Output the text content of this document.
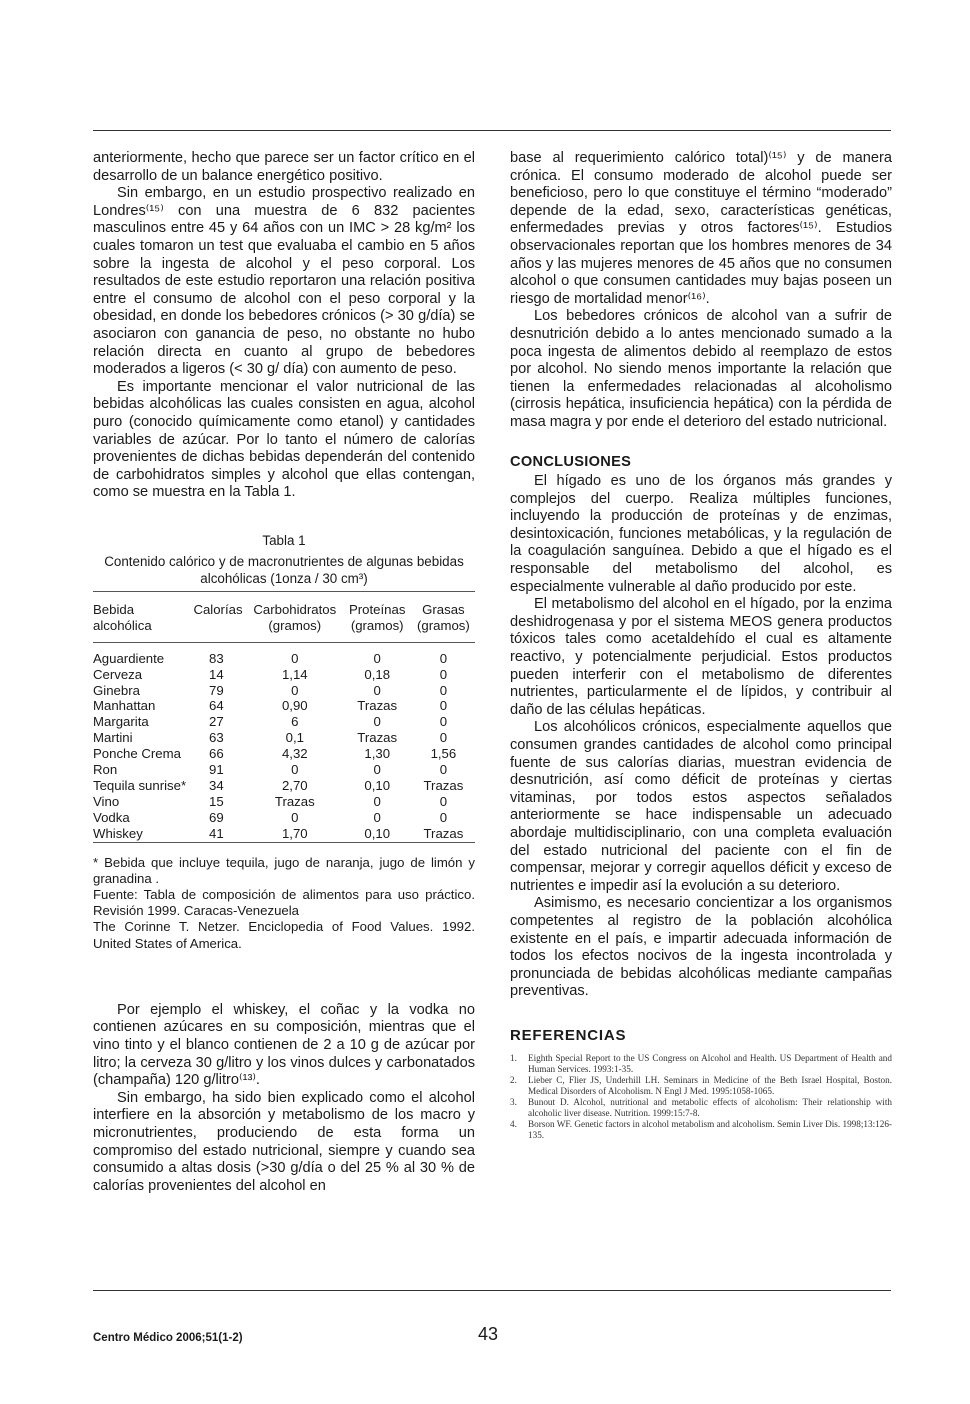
anteriormente, hecho que parece ser un factor crítico en el desarrollo de un balance energético positivo.

Sin embargo, en un estudio prospectivo realizado en Londres⁽¹⁵⁾ con una muestra de 6 832 pacientes masculinos entre 45 y 64 años con un IMC > 28 kg/m² los cuales tomaron un test que evaluaba el cambio en 5 años sobre la ingesta de alcohol y el peso corporal. Los resultados de este estudio reportaron una relación positiva entre el consumo de alcohol con el peso corporal y la obesidad, en donde los bebedores crónicos (> 30 g/día) se asociaron con ganancia de peso, no obstante no hubo relación directa en cuanto al grupo de bebedores moderados a ligeros (< 30 g/ día) con aumento de peso.

Es importante mencionar el valor nutricional de las bebidas alcohólicas las cuales consisten en agua, alcohol puro (conocido químicamente como etanol) y cantidades variables de azúcar. Por lo tanto el número de calorías provenientes de dichas bebidas dependerán del contenido de carbohidratos simples y alcohol que ellas contengan, como se muestra en la Tabla 1.

Tabla 1
Contenido calórico y de macronutrientes de algunas bebidas alcohólicas (1onza / 30 cm³)
Bebida alcohólica	Calorías	Carbohidratos (gramos)	Proteínas (gramos)	Grasas (gramos)

Aguardiente	83	0	0	0
Cerveza	14	1,14	0,18	0
Ginebra	79	0	0	0
Manhattan	64	0,90	Trazas	0
Margarita	27	6	0	0
Martini	63	0,1	Trazas	0
Ponche Crema	66	4,32	1,30	1,56
Ron	91	0	0	0
Tequila sunrise*	34	2,70	0,10	Trazas
Vino	15	Trazas	0	0
Vodka	69	0	0	0
Whiskey	41	1,70	0,10	Trazas

* Bebida que incluye tequila, jugo de naranja, jugo de limón y granadina .
Fuente: Tabla de composición de alimentos para uso práctico. Revisión 1999. Caracas-Venezuela
The Corinne T. Netzer. Enciclopedia of Food Values. 1992. United States of America.

Por ejemplo el whiskey, el coñac y la vodka no contienen azúcares en su composición, mientras que el vino tinto y el blanco contienen de 2 a 10 g de azúcar por litro; la cerveza 30 g/litro y los vinos dulces y carbonatados (champaña) 120 g/litro⁽¹³⁾.

Sin embargo, ha sido bien explicado como el alcohol interfiere en la absorción y metabolismo de los macro y micronutrientes, produciendo de esta forma un compromiso del estado nutricional, siempre y cuando sea consumido a altas dosis (>30 g/día o del 25 % al 30 % de calorías provenientes del alcohol en

base al requerimiento calórico total)⁽¹⁵⁾ y de manera crónica. El consumo moderado de alcohol puede ser beneficioso, pero lo que constituye el término “moderado” depende de la edad, sexo, características genéticas, enfermedades previas y otros factores⁽¹⁵⁾. Estudios observacionales reportan que los hombres menores de 34 años y las mujeres menores de 45 años que no consumen alcohol o que consumen cantidades muy bajas poseen un riesgo de mortalidad menor⁽¹⁶⁾.

Los bebedores crónicos de alcohol van a sufrir de desnutrición debido a lo antes mencionado sumado a la poca ingesta de alimentos debido al reemplazo de estos por alcohol. No siendo menos importante la relación que tienen la enfermedades relacionadas al alcoholismo (cirrosis hepática, insuficiencia hepática) con la pérdida de masa magra y por ende el deterioro del estado nutricional.

CONCLUSIONES

El hígado es uno de los órganos más grandes y complejos del cuerpo. Realiza múltiples funciones, incluyendo la producción de proteínas y de enzimas, desintoxicación, funciones metabólicas, y la regulación de la coagulación sanguínea. Debido a que el hígado es el responsable del metabolismo del alcohol, es especialmente vulnerable al daño producido por este.

El metabolismo del alcohol en el hígado, por la enzima deshidrogenasa y por el sistema MEOS genera productos tóxicos tales como acetaldehído el cual es altamente reactivo, y potencialmente perjudicial. Estos productos pueden interferir con el metabolismo de diferentes nutrientes, particularmente el de lípidos, y contribuir al daño de las células hepáticas.

Los alcohólicos crónicos, especialmente aquellos que consumen grandes cantidades de alcohol como principal fuente de sus calorías diarias, muestran evidencia de desnutrición, así como déficit de proteínas y ciertas vitaminas, por todos estos aspectos señalados anteriormente se hace indispensable un adecuado abordaje multidisciplinario, con una completa evaluación del estado nutricional del paciente con el fin de compensar, mejorar y corregir aquellos déficit y exceso de nutrientes e impedir así la evolución a su deterioro.

Asimismo, es necesario concientizar a los organismos competentes al registro de la población alcohólica existente en el país, e impartir adecuada información de todos los efectos nocivos de la ingesta incontrolada y pronunciada de bebidas alcohólicas mediante campañas preventivas.

REFERENCIAS
1.	Eighth Special Report to the US Congress on Alcohol and Health. US Department of Health and Human Services. 1993:1-35.
2.	Lieber C, Flier JS, Underhill LH. Seminars in Medicine of the Beth Israel Hospital, Boston. Medical Disorders of Alcoholism. N Engl J Med. 1995:1058-1065.
3.	Bunout D. Alcohol, nutritional and metabolic effects of alcoholism: Their relationship with alcoholic liver disease. Nutrition. 1999:15:7-8.
4.	Borson WF. Genetic factors in alcohol metabolism and alcoholism. Semin Liver Dis. 1998;13:126-135.
Centro Médico 2006;51(1-2)	43
